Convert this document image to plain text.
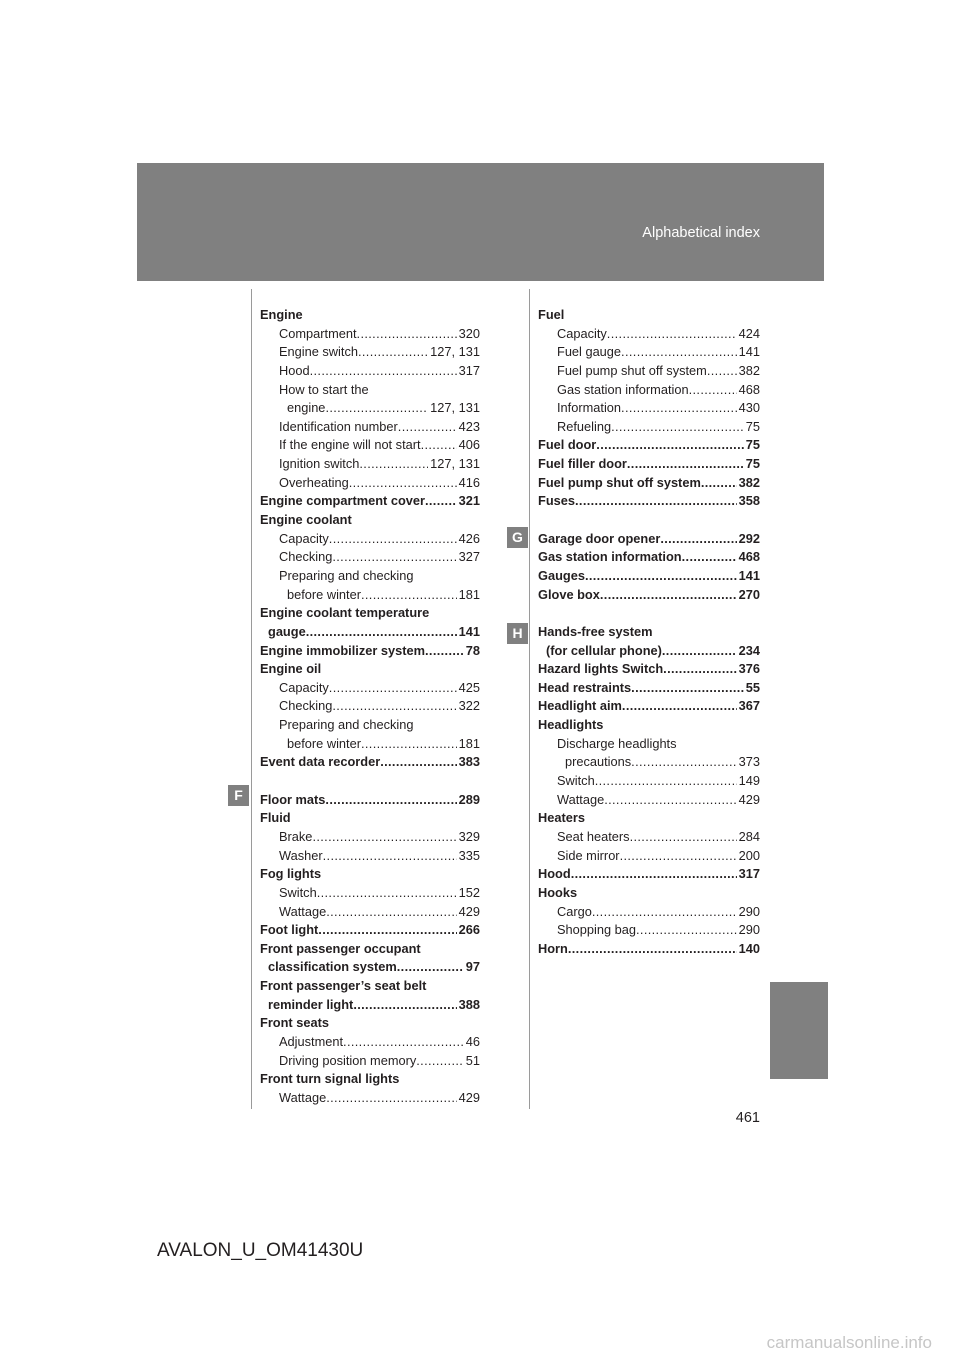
Alphabetical index
Engine
Compartment . . .	320
Engine switch . . .	127, 131
Hood . . .	317
How to start the
engine . . .	127, 131
Identification number . . .	423
If the engine will not start . . .	406
Ignition switch . . .	127, 131
Overheating . . .	416
Engine compartment cover . . .	321
Engine coolant
Capacity . . .	426
Checking . . .	327
Preparing and checking
before winter . . .	181
Engine coolant temperature
gauge . . .	141
Engine immobilizer system . . .	78
Engine oil
Capacity . . .	425
Checking . . .	322
Preparing and checking
before winter . . .	181
Event data recorder . . .	383
Floor mats . . .	289
Fluid
Brake . . .	329
Washer . . .	335
Fog lights
Switch . . .	152
Wattage . . .	429
Foot light . . .	266
Front passenger occupant
classification system . . .	97
Front passenger’s seat belt
reminder light . . .	388
Front seats
Adjustment . . .	46
Driving position memory . . .	51
Front turn signal lights
Wattage . . .	429
Fuel
Capacity . . .	424
Fuel gauge . . .	141
Fuel pump shut off system . . . 382
Gas station information . . .	468
Information . . .	430
Refueling . . .	75
Fuel door . . .	75
Fuel filler door . . .	75
Fuel pump shut off system . . .	382
Fuses . . .	358
Garage door opener . . .	292
Gas station information . . .	468
Gauges . . .	141
Glove box . . .	270
Hands-free system
(for cellular phone) . . .	234
Hazard lights Switch . . .	376
Head restraints . . .	55
Headlight aim . . .	367
Headlights
Discharge headlights
precautions . . .	373
Switch . . .	149
Wattage . . .	429
Heaters
Seat heaters . . .	284
Side mirror . . .	200
Hood . . .	317
Hooks
Cargo . . .	290
Shopping bag . . .	290
Horn . . .	140
F
G
H
461
AVALON_U_OM41430U
carmanualsonline.info
